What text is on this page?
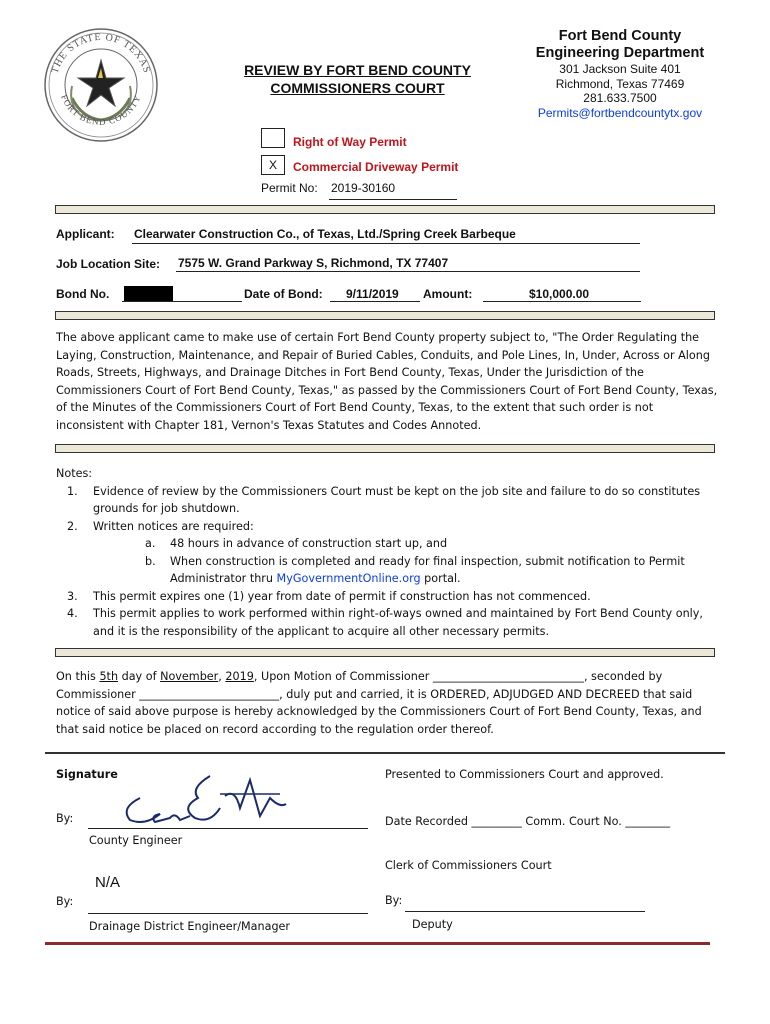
THE STATE OF TEXAS
FORT BEND COUNTY
Fort Bend County
Engineering Department
301 Jackson Suite 401
Richmond, Texas 77469
281.633.7500
Permits@fortbendcountytx.gov
REVIEW BY FORT BEND COUNTY
COMMISSIONERS COURT
Right of Way Permit
X	Commercial Driveway Permit
Permit No: 2019-30160
Applicant: Clearwater Construction Co., of Texas, Ltd./Spring Creek Barbeque
Job Location Site: 7575 W. Grand Parkway S, Richmond, TX 77407
Bond No.	Date of Bond: 9/11/2019 Amount:	$10,000.00
The above applicant came to make use of certain Fort Bend County property subject to, "The Order Regulating the
Laying, Construction, Maintenance, and Repair of Buried Cables, Conduits, and Pole Lines, In, Under, Across or Along
Roads, Streets, Highways, and Drainage Ditches in Fort Bend County, Texas, Under the Jurisdiction of the
Commissioners Court of Fort Bend County, Texas," as passed by the Commissioners Court of Fort Bend County, Texas,
of the Minutes of the Commissioners Court of Fort Bend County, Texas, to the extent that such order is not
inconsistent with Chapter 181, Vernon's Texas Statutes and Codes Annoted.
Notes:
1. Evidence of review by the Commissioners Court must be kept on the job site and failure to do so constitutes
grounds for job shutdown.
2. Written notices are required:
a. 48 hours in advance of construction start up, and
b. When construction is completed and ready for final inspection, submit notification to Permit
Administrator thru MyGovernmentOnline.org portal.
3. This permit expires one (1) year from date of permit if construction has not commenced.
4. This permit applies to work performed within right-of-ways owned and maintained by Fort Bend County only,
and it is the responsibility of the applicant to acquire all other necessary permits.
On this 5th day of November, 2019, Upon Motion of Commissioner ___________________________, seconded by
Commissioner _________________________, duly put and carried, it is ORDERED, ADJUDGED AND DECREED that said
notice of said above purpose is hereby acknowledged by the Commissioners Court of Fort Bend County, Texas, and
that said notice be placed on record according to the regulation order thereof.
Signature
By:
County Engineer
N/A
By:
Drainage District Engineer/Manager
Presented to Commissioners Court and approved.
Date Recorded _________ Comm. Court No. ________
Clerk of Commissioners Court
By:
Deputy
